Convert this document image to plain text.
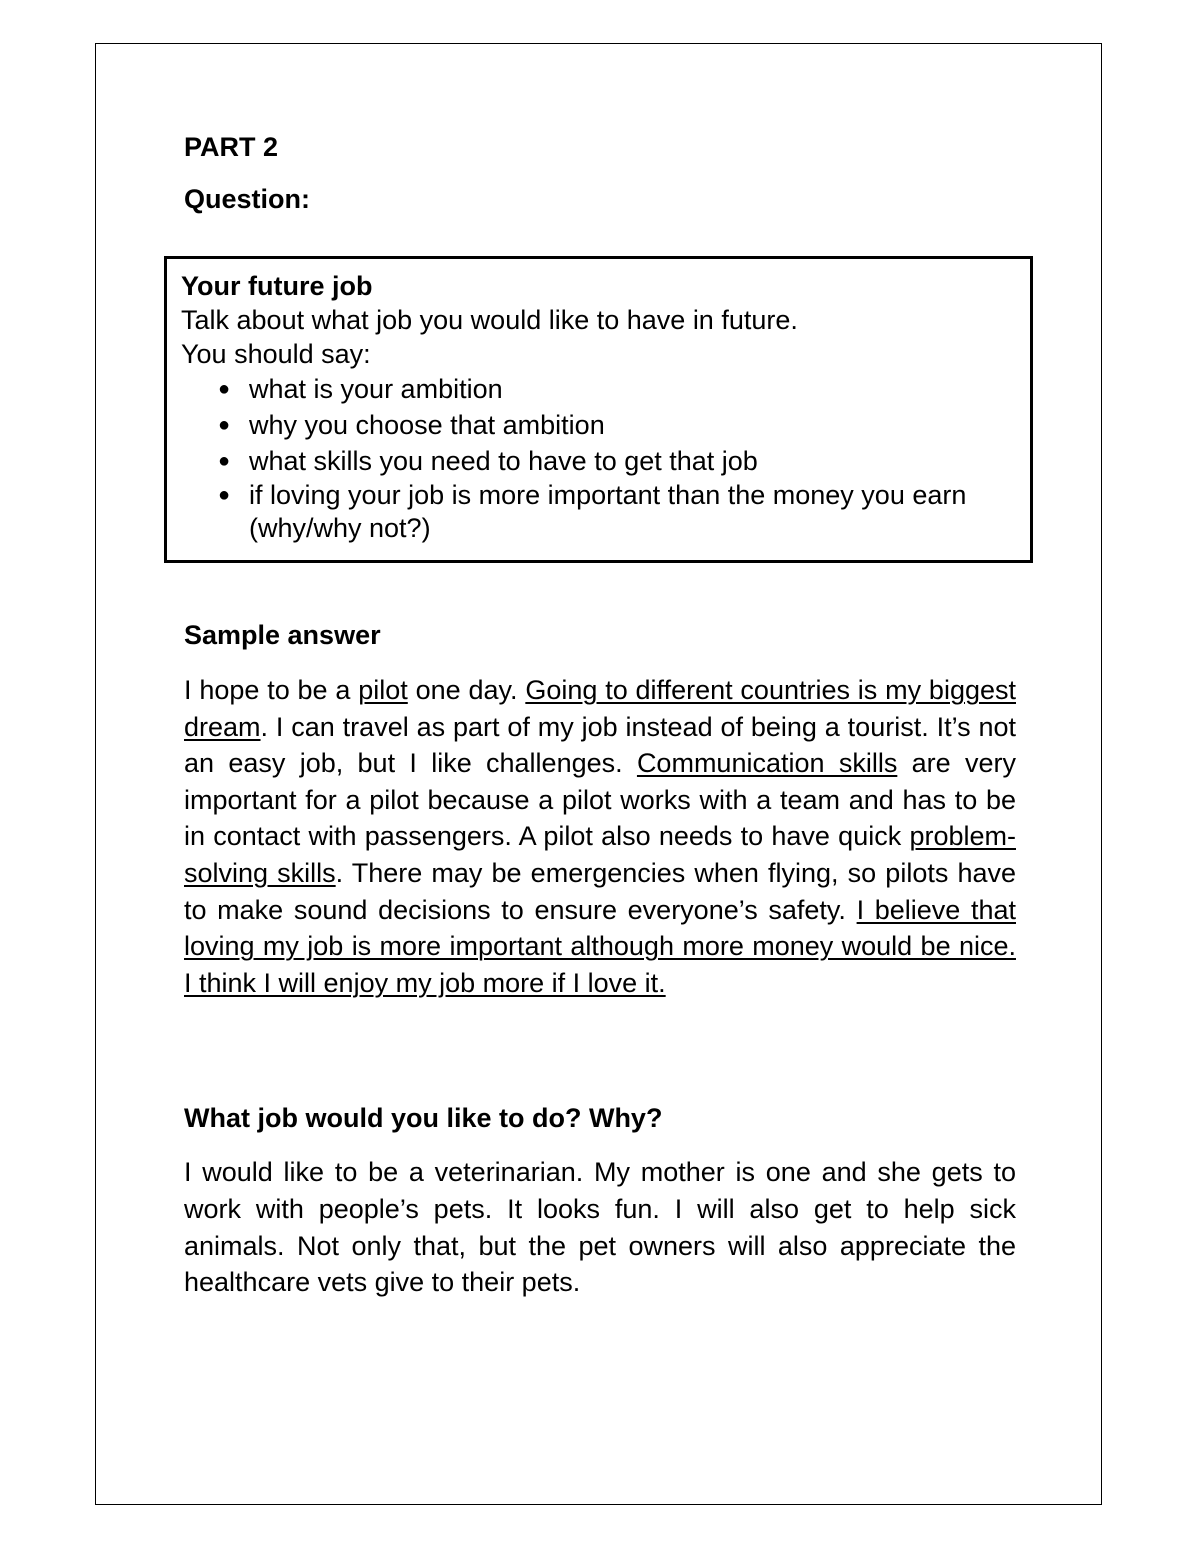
PART 2
Question:
Your future job
Talk about what job you would like to have in future.
You should say:
● what is your ambition
● why you choose that ambition
● what skills you need to have to get that job
● if loving your job is more important than the money you earn (why/why not?)
Sample answer

I hope to be a pilot one day. Going to different countries is my biggest dream. I can travel as part of my job instead of being a tourist. It’s not an easy job, but I like challenges. Communication skills are very important for a pilot because a pilot works with a team and has to be in contact with passengers. A pilot also needs to have quick problem-solving skills. There may be emergencies when flying, so pilots have to make sound decisions to ensure everyone’s safety. I believe that loving my job is more important although more money would be nice. I think I will enjoy my job more if I love it.

What job would you like to do? Why?

I would like to be a veterinarian. My mother is one and she gets to work with people’s pets. It looks fun. I will also get to help sick animals. Not only that, but the pet owners will also appreciate the healthcare vets give to their pets.
